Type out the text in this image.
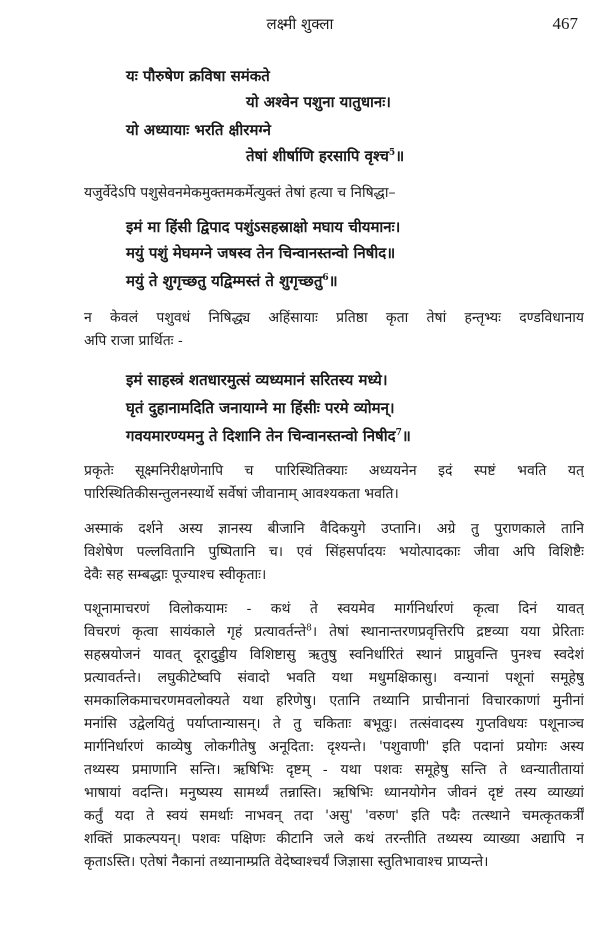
लक्ष्मी शुक्ला	467
यः पौरुषेण क्रविषा समंकते
यो अश्वेन पशुना यातुधानः।
यो अध्यायाः भरति क्षीरमग्ने
तेषां शीर्षाणि हरसापि वृश्च$^5$॥
यजुर्वेदेऽपि पशुसेवनमेकमुक्तमकर्मेत्युक्तं तेषां हत्या च निषिद्धा–
इमं मा हिंसी द्विपाद पशुंऽसहस्राक्षो मघाय चीयमानः।
मयुं पशुं मेघमग्ने जषस्व तेन चिन्वानस्तन्वो निषीद॥
मयुं ते शुगृच्छतु यद्विम्मस्तं ते शुगृच्छतु$^6$॥
न केवलं पशुवधं निषिद्ध्य अहिंसायाः प्रतिष्ठा कृता तेषां हन्तृभ्यः दण्डविधानाय
अपि राजा प्रार्थितः -
इमं साहस्त्रं शतधारमुत्सं व्यध्यमानं सरितस्य मध्ये।
घृतं दुहानामदिति जनायाग्ने मा हिंसीः परमे व्योमन्।
गवयमारण्यमनु ते दिशानि तेन चिन्वानस्तन्वो निषीद$^7$॥
प्रकृतेः सूक्ष्मनिरीक्षणेनापि च पारिस्थितिक्याः अध्ययनेन इदं स्पष्टं भवति यत्
पारिस्थितिकीसन्तुलनस्यार्थे सर्वेषां जीवानाम् आवश्यकता भवति।
अस्माकं दर्शने अस्य ज्ञानस्य बीजानि वैदिकयुगे उप्तानि। अग्रे तु पुराणकाले तानि
विशेषेण पल्लवितानि पुष्पितानि च। एवं सिंहसर्पादयः भयोत्पादकाः जीवा अपि विशिष्टैः
देवैः सह सम्बद्धाः पूज्याश्च स्वीकृताः।
पशूनामाचरणं विलोकयामः - कथं ते स्वयमेव मार्गनिर्धारणं कृत्वा दिनं यावत्
विचरणं कृत्वा सायंकाले गृहं प्रत्यावर्तन्ते$^8$। तेषां स्थानान्तरणप्रवृत्तिरपि द्रष्टव्या यया प्रेरिताः
सहस्रयोजनं यावत् दूरादुड्डीय विशिष्टासु ऋतुषु स्वनिर्धारितं स्थानं प्राप्नुवन्ति पुनश्च स्वदेशं
प्रत्यावर्तन्ते। लघुकीटेष्वपि संवादो भवति यथा मधुमक्षिकासु। वन्यानां पशूनां समूहेषु
समकालिकमाचरणमवलोक्यते यथा हरिणेषु। एतानि तथ्यानि प्राचीनानां विचारकाणां मुनीनां
मनांसि उद्वेलयितुं पर्याप्तान्यासन्। ते तु चकिताः बभूवुः। तत्संवादस्य गुप्तविधयः पशूनाञ्च
मार्गनिर्धारणं काव्येषु लोकगीतेषु अनूदिता: दृश्यन्ते। 'पशुवाणी' इति पदानां प्रयोगः अस्य
तथ्यस्य प्रमाणानि सन्ति। ऋषिभिः दृष्टम् - यथा पशवः समूहेषु सन्ति ते ध्वन्यातीतायां
भाषायां वदन्ति। मनुष्यस्य सामर्थ्यं तन्नास्ति। ऋषिभिः ध्यानयोगेन जीवनं दृष्टं तस्य व्याख्यां
कर्तुं यदा ते स्वयं समर्थाः नाभवन् तदा 'असु' 'वरुण' इति पदैः तत्स्थाने चमत्कृतकर्त्रीं
शक्तिं प्राकल्पयन्। पशवः पक्षिणः कीटानि जले कथं तरन्तीति तथ्यस्य व्याख्या अद्यापि न
कृताऽस्ति। एतेषां नैकानां तथ्यानाम्प्रति वेदेष्वाश्चर्यं जिज्ञासा स्तुतिभावाश्च प्राप्यन्ते।
